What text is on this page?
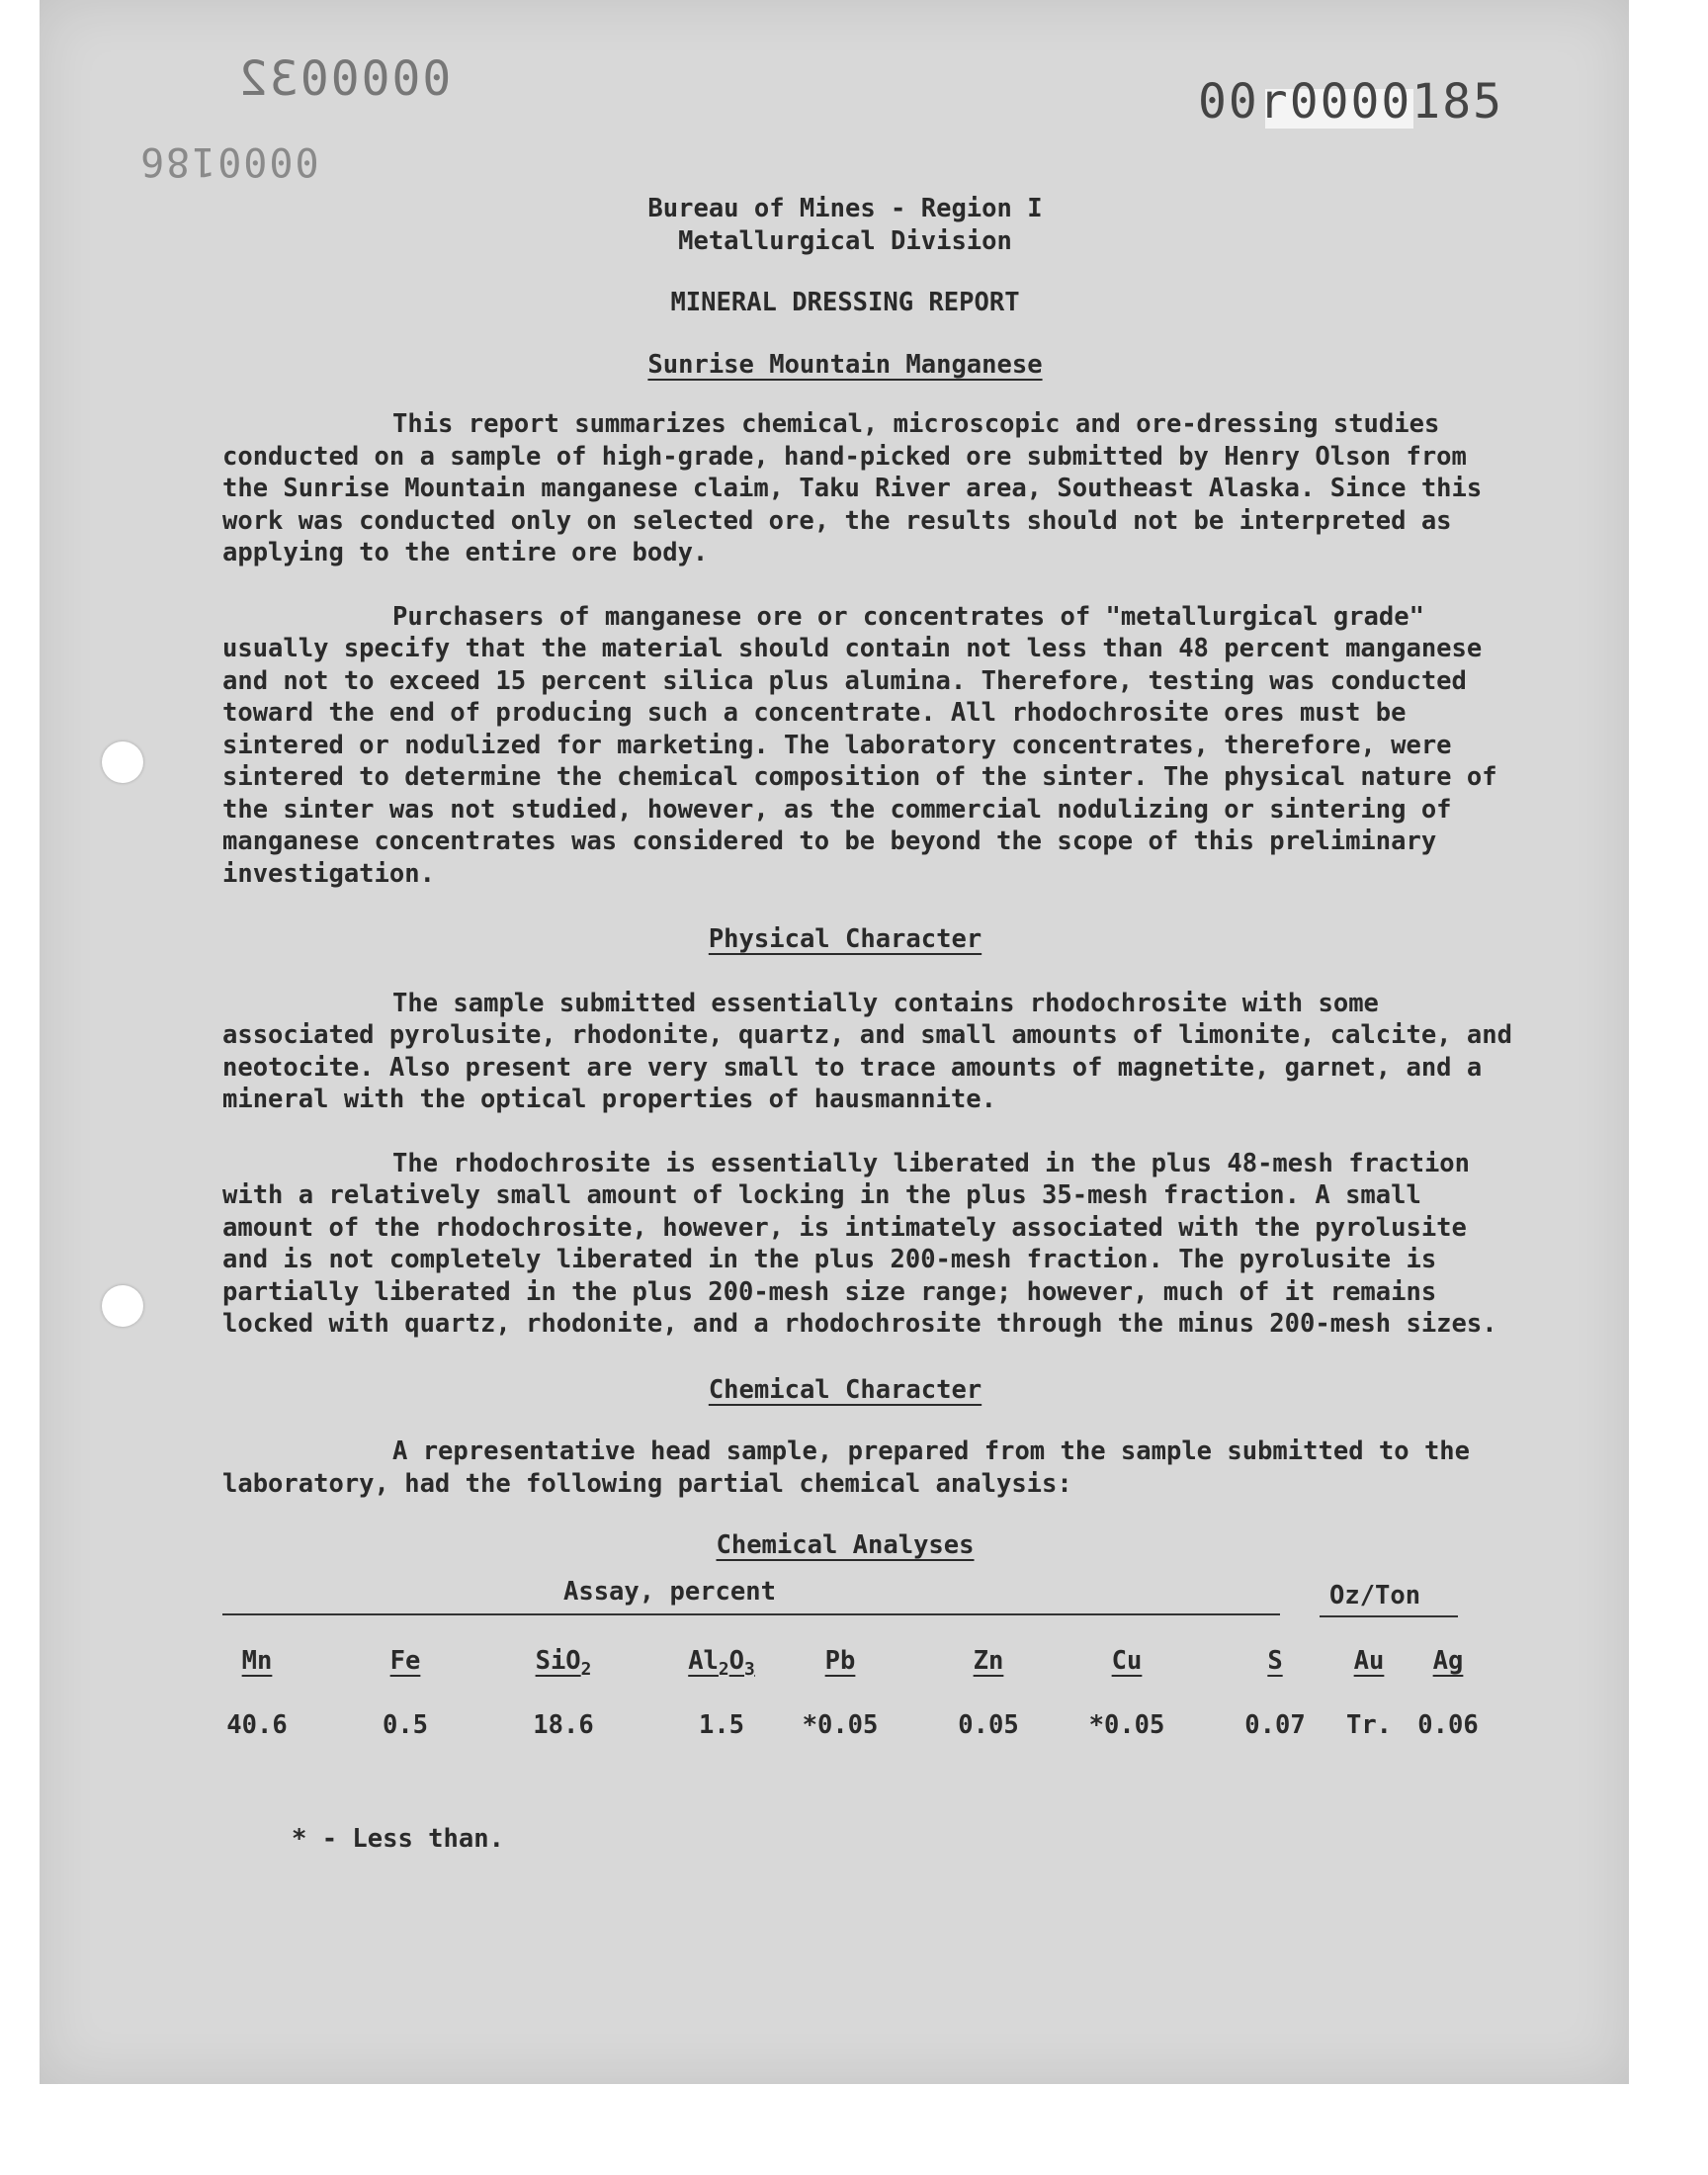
0000032
0000186
00r0000185
Bureau of Mines - Region I
Metallurgical Division
MINERAL DRESSING REPORT
Sunrise Mountain Manganese

This report summarizes chemical, microscopic and ore-dressing studies conducted on a sample of high-grade, hand-picked ore submitted by Henry Olson from the Sunrise Mountain manganese claim, Taku River area, Southeast Alaska. Since this work was conducted only on selected ore, the results should not be interpreted as applying to the entire ore body.

Purchasers of manganese ore or concentrates of "metallurgical grade" usually specify that the material should contain not less than 48 percent manganese and not to exceed 15 percent silica plus alumina. Therefore, testing was conducted toward the end of producing such a concentrate. All rhodochrosite ores must be sintered or nodulized for marketing. The laboratory concentrates, therefore, were sintered to determine the chemical composition of the sinter. The physical nature of the sinter was not studied, however, as the commercial nodulizing or sintering of manganese concentrates was considered to be beyond the scope of this preliminary investigation.

Physical Character

The sample submitted essentially contains rhodochrosite with some associated pyrolusite, rhodonite, quartz, and small amounts of limonite, calcite, and neotocite. Also present are very small to trace amounts of magnetite, garnet, and a mineral with the optical properties of hausmannite.

The rhodochrosite is essentially liberated in the plus 48-mesh fraction with a relatively small amount of locking in the plus 35-mesh fraction. A small amount of the rhodochrosite, however, is intimately associated with the pyrolusite and is not completely liberated in the plus 200-mesh fraction. The pyrolusite is partially liberated in the plus 200-mesh size range; however, much of it remains locked with quartz, rhodonite, and a rhodochrosite through the minus 200-mesh sizes.

Chemical Character

A representative head sample, prepared from the sample submitted to the laboratory, had the following partial chemical analysis:

Chemical Analyses
Assay, percent	Oz/Ton
Mn	Fe	SiO$_2$	$Al_2O_3$	Pb	Zn	Cu	S	Au	Ag
40.6	0.5	18.6	1.5	*0.05	0.05	*0.05	0.07	Tr.	0.06
* - Less than.
